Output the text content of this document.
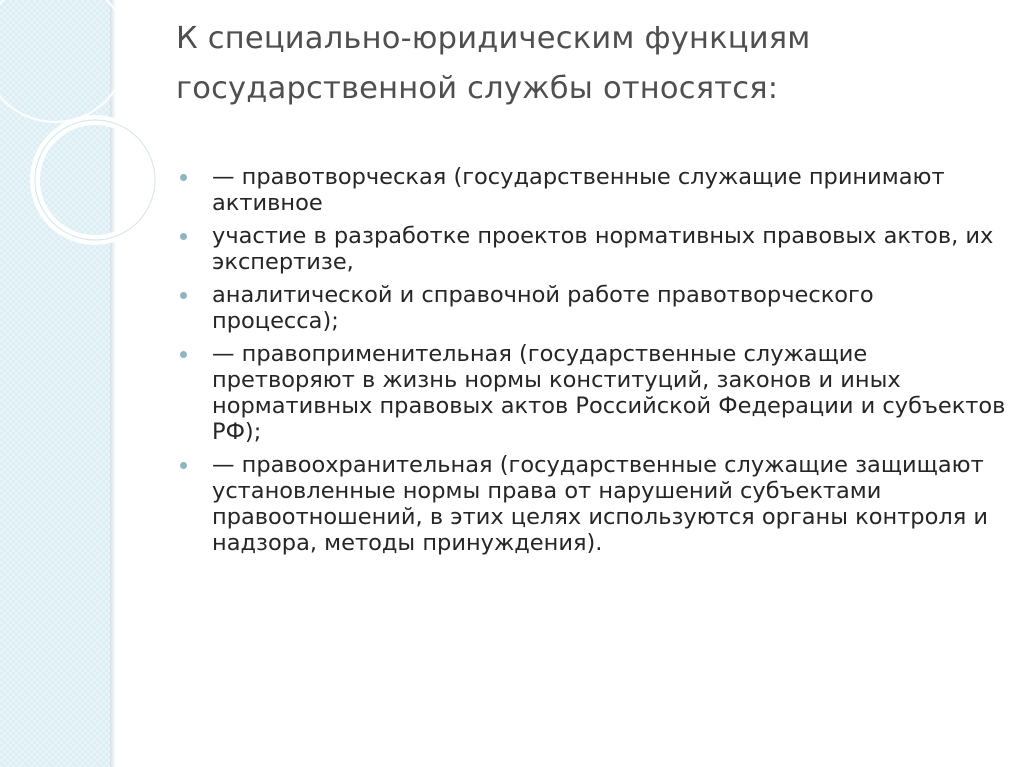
К специально-юридическим функциям
государственной службы относятся:
— правотворческая (государственные служащие принимают активное
участие в разработке проектов нормативных правовых актов, их экспертизе,
аналитической и справочной работе правотворческого процесса);
— правоприменительная (государственные служащие претворяют в жизнь нормы конституций, законов и иных нормативных правовых актов Российской Федерации и субъектов РФ);
— правоохранительная (государственные служащие защищают установленные нормы права от нарушений субъектами правоотношений, в этих целях используются органы контроля и надзора, методы принуждения).
